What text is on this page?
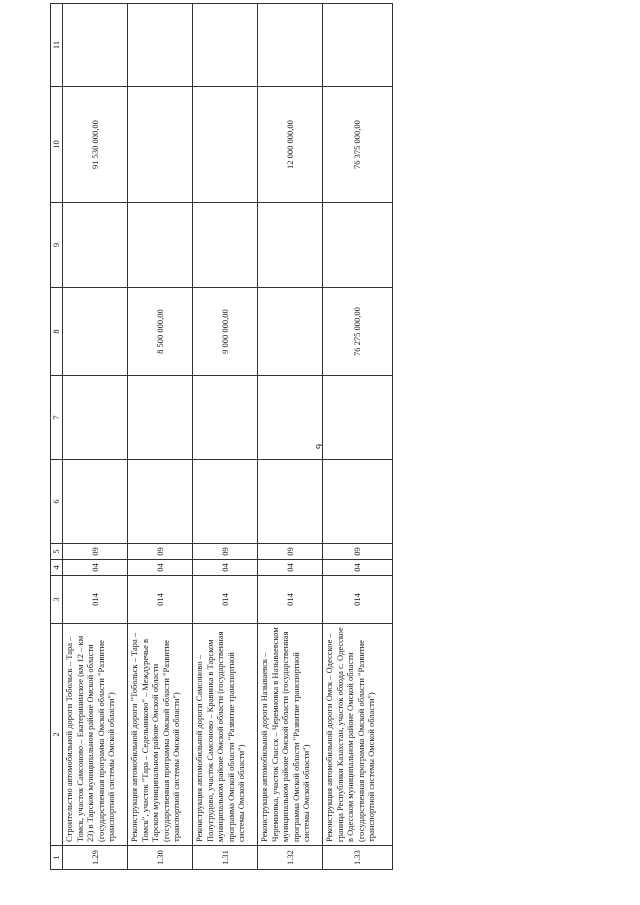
9
1	2	3	4	5	6	7	8	9	10	11
1.29	Строительство автомобильной дороги Тобольск – Тара – Томск, участок Самсоново – Екатерининское (км 12 – км 23) в Тарском муниципальном районе Омской области (государственная программа Омской области "Развитие транспортной системы Омской области")	014	04	09					91 530 000,00	
1.30	Реконструкция автомобильной дороги "Тобольск – Тара – Томск", участок "Тара – Седельниково" – Междуречье в Тарском муниципальном районе Омской области (государственная программа Омской области "Развитие транспортной системы Омской области")	014	04	09			8 500 000,00			
1.31	Реконструкция автомобильной дороги Самсоново – Полугрудово, участок Самсоново – Кравинка в Тарском муниципальном районе Омской области (государственная программа Омской области "Развитие транспортной системы Омской области")	014	04	09			9 000 000,00			
1.32	Реконструкция автомобильной дороги Называевск – Черемновка, участок Спасск – Черемновка в Называевском муниципальном районе Омской области (государственная программа Омской области "Развитие транспортной системы Омской области")	014	04	09					12 000 000,00	
1.33	Реконструкция автомобильной дороги Омск – Одесское – граница Республики Казахстан, участок обхода с. Одесское в Одесском муниципальном районе Омской области (государственная программа Омской области "Развитие транспортной системы Омской области")	014	04	09			76 275 000,00		76 375 000,00	
